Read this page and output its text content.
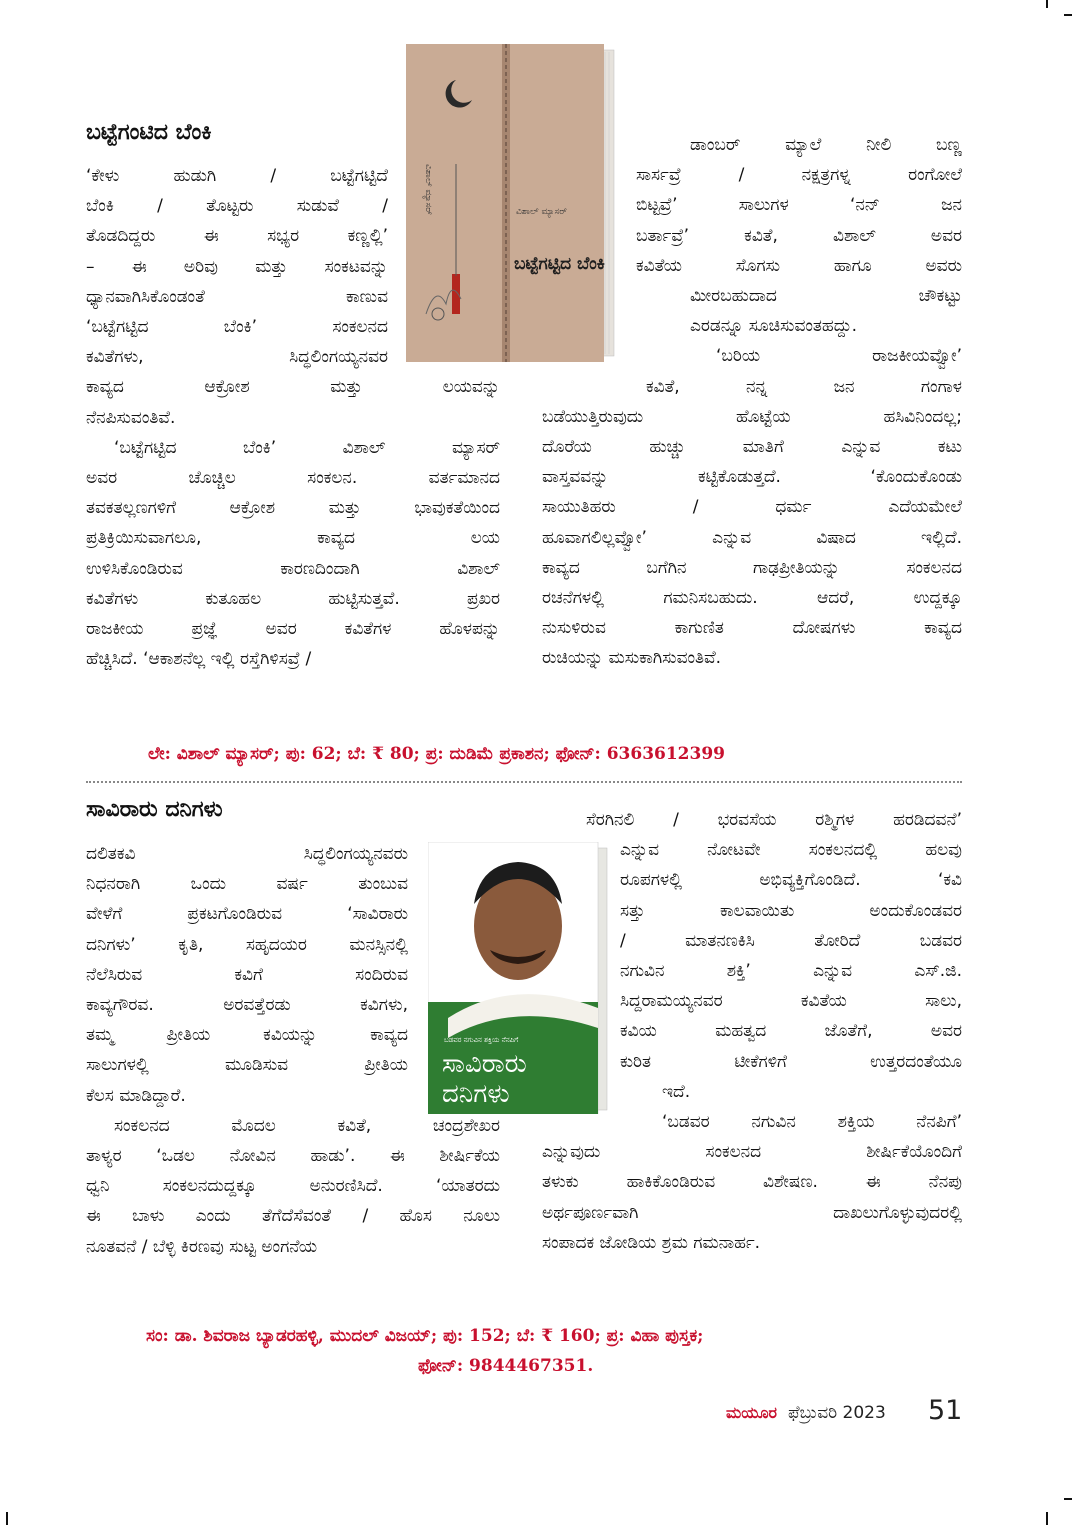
ಬಟ್ಟೆಗಂಟಿದ ಬೆಂಕಿ
‘ಕೇಳು ಹುಡುಗಿ / ಬಟ್ಟೆಗಟ್ಟಿದೆ
ಬೆಂಕಿ / ತೊಟ್ಟರು ಸುಡುವೆ /
ತೊಡದಿದ್ದರು ಈ ಸಭ್ಯರ ಕಣ್ಣಲ್ಲಿ’
– ಈ ಅರಿವು ಮತ್ತು ಸಂಕಟವನ್ನು
ಧ್ಯಾನವಾಗಿಸಿಕೊಂಡಂತೆ ಕಾಣುವ
‘ಬಟ್ಟೆಗಟ್ಟಿದ ಬೆಂಕಿ’ ಸಂಕಲನದ
ಕವಿತೆಗಳು, ಸಿದ್ಧಲಿಂಗಯ್ಯನವರ
ಕಾವ್ಯದ ಆಕ್ರೋಶ ಮತ್ತು ಲಯವನ್ನು
ನೆನಪಿಸುವಂತಿವೆ.
‘ಬಟ್ಟೆಗಟ್ಟಿದ ಬೆಂಕಿ’ ವಿಶಾಲ್ ಮ್ಯಾಸರ್
ಅವರ ಚೊಚ್ಚಿಲ ಸಂಕಲನ. ವರ್ತಮಾನದ
ತವಕತಲ್ಲಣಗಳಿಗೆ ಆಕ್ರೋಶ ಮತ್ತು ಭಾವುಕತೆಯಿಂದ
ಪ್ರತಿಕ್ರಿಯಿಸುವಾಗಲೂ, ಕಾವ್ಯದ ಲಯ
ಉಳಿಸಿಕೊಂಡಿರುವ ಕಾರಣದಿಂದಾಗಿ ವಿಶಾಲ್
ಕವಿತೆಗಳು ಕುತೂಹಲ ಹುಟ್ಟಿಸುತ್ತವೆ. ಪ್ರಖರ
ರಾಜಕೀಯ ಪ್ರಜ್ಞೆ ಅವರ ಕವಿತೆಗಳ ಹೊಳಪನ್ನು
ಹೆಚ್ಚಿಸಿದೆ. ‘ಆಕಾಶನೆಲ್ಲ ಇಲ್ಲಿ ರಸ್ತೆಗಿಳಿಸವ್ರೆ /
ಡಾಂಬರ್ ಮ್ಯಾಲೆ ನೀಲಿ ಬಣ್ಣ
ಸಾರ್ಸವ್ರೆ / ನಕ್ಷತ್ರಗಳ್ನ ರಂಗೋಲೆ
ಬಿಟ್ಟವ್ರೆ’ ಸಾಲುಗಳ ‘ನನ್ ಜನ
ಬರ್ತಾವ್ರೆ’ ಕವಿತೆ, ವಿಶಾಲ್ ಅವರ
ಕವಿತೆಯ ಸೊಗಸು ಹಾಗೂ ಅವರು
ಮೀರಬಹುದಾದ ಚೌಕಟ್ಟು
ಎರಡನ್ನೂ ಸೂಚಿಸುವಂತಹದ್ದು.
‘ಬರಿಯ ರಾಜಕೀಯವ್ವೋ’
ಕವಿತೆ, ನನ್ನ ಜನ ಗಂಗಾಳ
ಬಡೆಯುತ್ತಿರುವುದು ಹೊಟ್ಟೆಯ ಹಸಿವಿನಿಂದಲ್ಲ;
ದೊರೆಯ ಹುಚ್ಚು ಮಾತಿಗೆ ಎನ್ನುವ ಕಟು
ವಾಸ್ತವವನ್ನು ಕಟ್ಟಿಕೊಡುತ್ತದೆ. ‘ಕೊಂದುಕೊಂಡು
ಸಾಯುತಿಹರು / ಧರ್ಮ ಎದೆಯಮೇಲೆ
ಹೂವಾಗಲಿಲ್ಲವ್ವೋ’ ಎನ್ನುವ ವಿಷಾದ ಇಲ್ಲಿದೆ.
ಕಾವ್ಯದ ಬಗೆಗಿನ ಗಾಢಪ್ರೀತಿಯನ್ನು ಸಂಕಲನದ
ರಚನೆಗಳಲ್ಲಿ ಗಮನಿಸಬಹುದು. ಆದರೆ, ಉದ್ದಕ್ಕೂ
ನುಸುಳಿರುವ ಕಾಗುಣಿತ ದೋಷಗಳು ಕಾವ್ಯದ
ರುಚಿಯನ್ನು ಮಸುಕಾಗಿಸುವಂತಿವೆ.
ವಿಶಾಲ್ ಮ್ಯಾಸರ್	ವಿಶಾಲ್ ಮ್ಯಾಸರ್
ಬಟ್ಟೆಗಟ್ಟಿದ ಬೆಂಕಿ
ಲೇ: ವಿಶಾಲ್ ಮ್ಯಾಸರ್; ಪು: 62; ಬೆ: ₹ 80; ಪ್ರ: ದುಡಿಮೆ ಪ್ರಕಾಶನ; ಫೋನ್: 6363612399
ಸಾವಿರಾರು ದನಿಗಳು
ದಲಿತಕವಿ ಸಿದ್ಧಲಿಂಗಯ್ಯನವರು
ನಿಧನರಾಗಿ ಒಂದು ವರ್ಷ ತುಂಬುವ
ವೇಳೆಗೆ ಪ್ರಕಟಗೊಂಡಿರುವ ‘ಸಾವಿರಾರು
ದನಿಗಳು’ ಕೃತಿ, ಸಹೃದಯರ ಮನಸ್ಸಿನಲ್ಲಿ
ನೆಲೆಸಿರುವ ಕವಿಗೆ ಸಂದಿರುವ
ಕಾವ್ಯಗೌರವ. ಅರವತ್ತೆರಡು ಕವಿಗಳು,
ತಮ್ಮ ಪ್ರೀತಿಯ ಕವಿಯನ್ನು ಕಾವ್ಯದ
ಸಾಲುಗಳಲ್ಲಿ ಮೂಡಿಸುವ ಪ್ರೀತಿಯ
ಕೆಲಸ ಮಾಡಿದ್ದಾರೆ.
ಸಂಕಲನದ ಮೊದಲ ಕವಿತೆ, ಚಂದ್ರಶೇಖರ
ತಾಳ್ಯರ ‘ಒಡಲ ನೋವಿನ ಹಾಡು’. ಈ ಶೀರ್ಷಿಕೆಯ
ಧ್ವನಿ ಸಂಕಲನದುದ್ದಕ್ಕೂ ಅನುರಣಿಸಿದೆ. ‘ಯಾತರದು
ಈ ಬಾಳು ಎಂದು ತೆಗೆದೆಸೆವಂತೆ / ಹೊಸ ನೂಲು
ನೂತವನೆ / ಬೆಳ್ಳಿ ಕಿರಣವು ಸುಟ್ಟ ಅಂಗನೆಯ
ಸೆರಗಿನಲಿ / ಭರವಸೆಯ ರಶ್ಮಿಗಳ ಹರಡಿದವನೆ’
ಎನ್ನುವ ನೋಟವೇ ಸಂಕಲನದಲ್ಲಿ ಹಲವು
ರೂಪಗಳಲ್ಲಿ ಅಭಿವ್ಯಕ್ತಿಗೊಂಡಿದೆ. ‘ಕವಿ
ಸತ್ತು ಕಾಲವಾಯಿತು ಅಂದುಕೊಂಡವರ
/ ಮಾತನಣಕಿಸಿ ತೋರಿದೆ ಬಡವರ
ನಗುವಿನ ಶಕ್ತಿ’ ಎನ್ನುವ ಎಸ್.ಜಿ.
ಸಿದ್ದರಾಮಯ್ಯನವರ ಕವಿತೆಯ ಸಾಲು,
ಕವಿಯ ಮಹತ್ವದ ಜೊತೆಗೆ, ಅವರ
ಕುರಿತ ಟೀಕೆಗಳಿಗೆ ಉತ್ತರದಂತೆಯೂ
ಇದೆ.
‘ಬಡವರ ನಗುವಿನ ಶಕ್ತಿಯ ನೆನಪಿಗೆ’
ಎನ್ನುವುದು ಸಂಕಲನದ ಶೀರ್ಷಿಕೆಯೊಂದಿಗೆ
ತಳುಕು ಹಾಕಿಕೊಂಡಿರುವ ವಿಶೇಷಣ. ಈ ನೆನಪು
ಅರ್ಥಪೂರ್ಣವಾಗಿ ದಾಖಲುಗೊಳ್ಳುವುದರಲ್ಲಿ
ಸಂಪಾದಕ ಜೋಡಿಯ ಶ್ರಮ ಗಮನಾರ್ಹ.
ಬಡವರ ನಗುವಿನ ಶಕ್ತಿಯ ನೆನಪಿಗೆ
ಸಾವಿರಾರು
ದನಿಗಳು
ಸಂ: ಡಾ. ಶಿವರಾಜ ಬ್ಯಾಡರಹಳ್ಳಿ, ಮುದಲ್ ವಿಜಯ್; ಪು: 152; ಬೆ: ₹ 160; ಪ್ರ: ವಿಹಾ ಪುಸ್ತಕ;
ಫೋನ್: 9844467351.
ಮಯೂರ ಫೆಬ್ರುವರಿ 2023 51
